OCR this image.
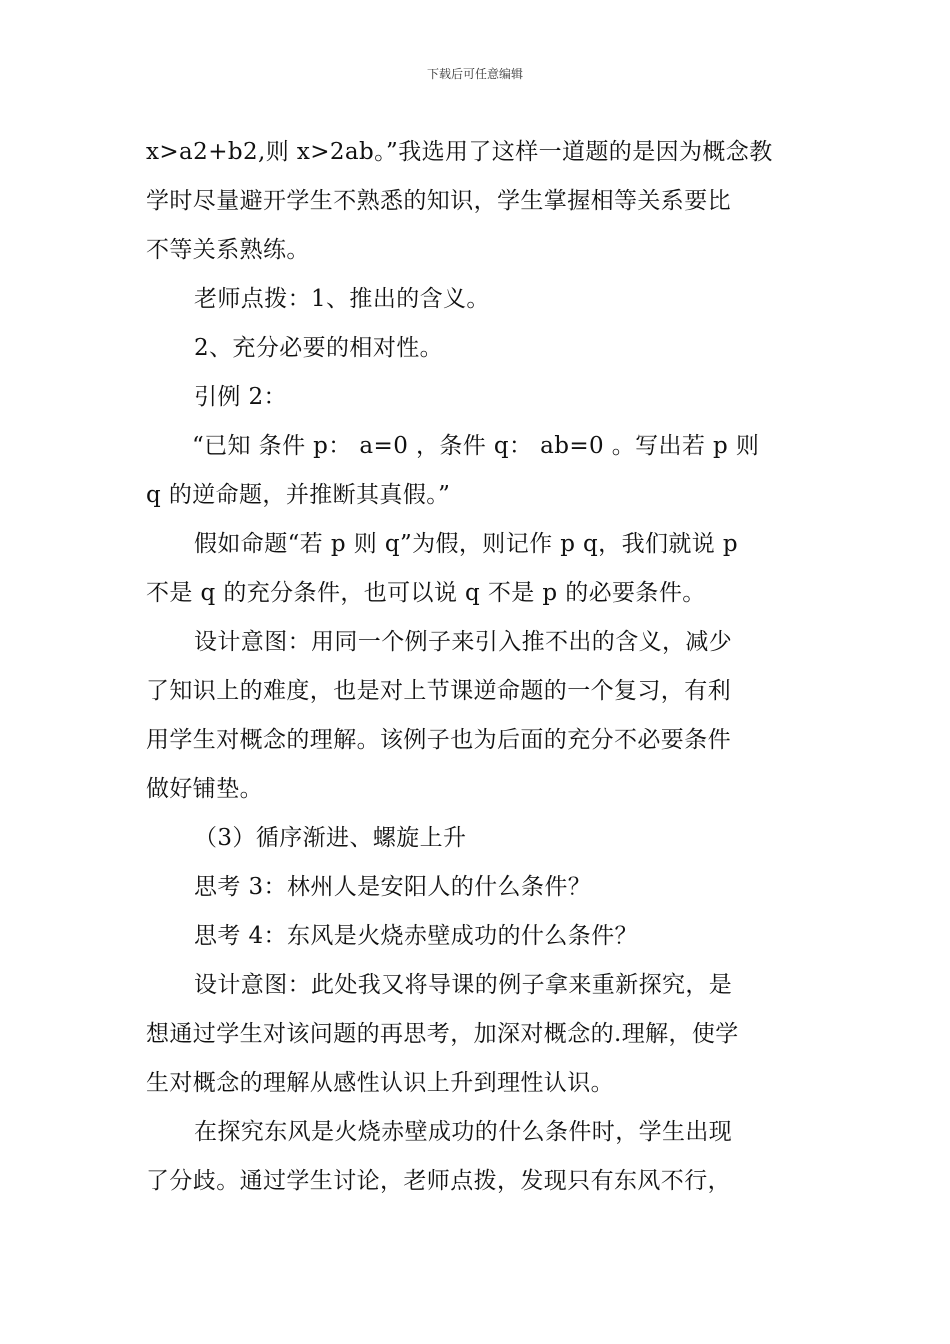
下载后可任意编辑
x>a2+b2,则 x>2ab。”我选用了这样一道题的是因为概念教
学时尽量避开学生不熟悉的知识，学生掌握相等关系要比
不等关系熟练。
老师点拨：1、推出的含义。
2、充分必要的相对性。
引例 2：
“已知 条件 p： a=0 ，条件 q： ab=0 。写出若 p 则
q 的逆命题，并推断其真假。”
假如命题“若 p 则 q”为假，则记作 p q，我们就说 p
不是 q 的充分条件，也可以说 q 不是 p 的必要条件。
设计意图：用同一个例子来引入推不出的含义，减少
了知识上的难度，也是对上节课逆命题的一个复习，有利
用学生对概念的理解。该例子也为后面的充分不必要条件
做好铺垫。
（3）循序渐进、螺旋上升
思考 3：林州人是安阳人的什么条件？
思考 4：东风是火烧赤壁成功的什么条件？
设计意图：此处我又将导课的例子拿来重新探究，是
想通过学生对该问题的再思考，加深对概念的.理解，使学
生对概念的理解从感性认识上升到理性认识。
在探究东风是火烧赤壁成功的什么条件时，学生出现
了分歧。通过学生讨论，老师点拨，发现只有东风不行，
